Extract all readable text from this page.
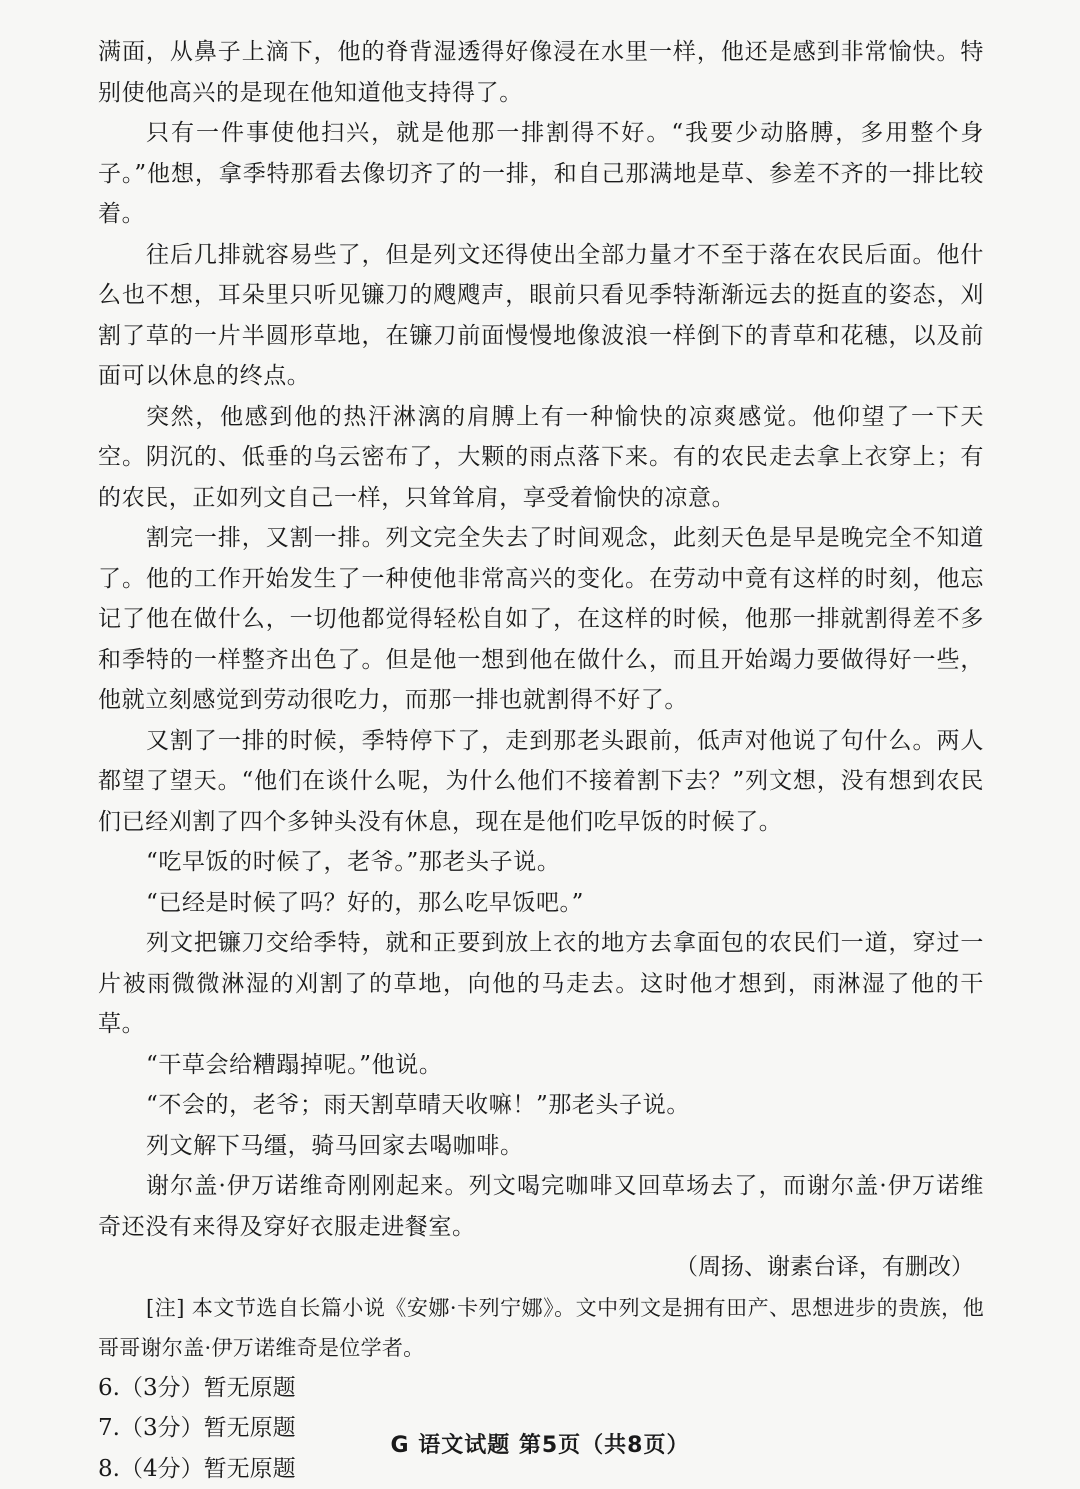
满面，从鼻子上滴下，他的脊背湿透得好像浸在水里一样，他还是感到非常愉快。特别使他高兴的是现在他知道他支持得了。

只有一件事使他扫兴，就是他那一排割得不好。“我要少动胳膊，多用整个身子。”他想，拿季特那看去像切齐了的一排，和自己那满地是草、参差不齐的一排比较着。

往后几排就容易些了，但是列文还得使出全部力量才不至于落在农民后面。他什么也不想，耳朵里只听见镰刀的飕飕声，眼前只看见季特渐渐远去的挺直的姿态，刈割了草的一片半圆形草地，在镰刀前面慢慢地像波浪一样倒下的青草和花穗，以及前面可以休息的终点。

突然，他感到他的热汗淋漓的肩膊上有一种愉快的凉爽感觉。他仰望了一下天空。阴沉的、低垂的乌云密布了，大颗的雨点落下来。有的农民走去拿上衣穿上；有的农民，正如列文自己一样，只耸耸肩，享受着愉快的凉意。

割完一排，又割一排。列文完全失去了时间观念，此刻天色是早是晚完全不知道了。他的工作开始发生了一种使他非常高兴的变化。在劳动中竟有这样的时刻，他忘记了他在做什么，一切他都觉得轻松自如了，在这样的时候，他那一排就割得差不多和季特的一样整齐出色了。但是他一想到他在做什么，而且开始竭力要做得好一些，他就立刻感觉到劳动很吃力，而那一排也就割得不好了。

又割了一排的时候，季特停下了，走到那老头跟前，低声对他说了句什么。两人都望了望天。“他们在谈什么呢，为什么他们不接着割下去？”列文想，没有想到农民们已经刈割了四个多钟头没有休息，现在是他们吃早饭的时候了。

“吃早饭的时候了，老爷。”那老头子说。

“已经是时候了吗？好的，那么吃早饭吧。”

列文把镰刀交给季特，就和正要到放上衣的地方去拿面包的农民们一道，穿过一片被雨微微淋湿的刈割了的草地，向他的马走去。这时他才想到，雨淋湿了他的干草。

“干草会给糟蹋掉呢。”他说。

“不会的，老爷；雨天割草晴天收嘛！”那老头子说。

列文解下马缰，骑马回家去喝咖啡。

谢尔盖·伊万诺维奇刚刚起来。列文喝完咖啡又回草场去了，而谢尔盖·伊万诺维奇还没有来得及穿好衣服走进餐室。

（周扬、谢素台译，有删改）

[注] 本文节选自长篇小说《安娜·卡列宁娜》。文中列文是拥有田产、思想进步的贵族，他哥哥谢尔盖·伊万诺维奇是位学者。

6.（3分）暂无原题

7.（3分）暂无原题

8.（4分）暂无原题

G 语文试题 第5页（共8页）
